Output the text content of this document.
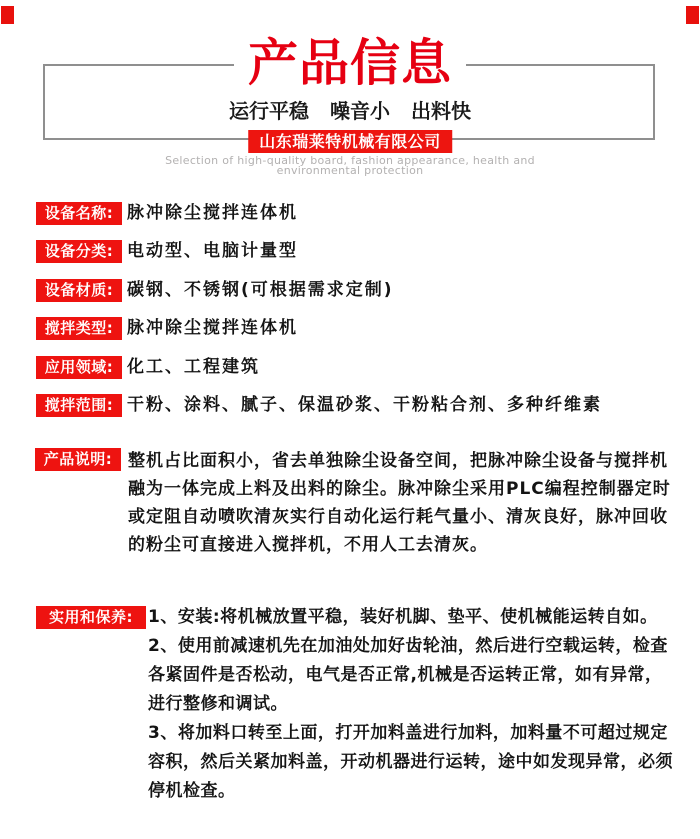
产品信息
运行平稳 噪音小 出料快
山东瑞莱特机械有限公司
Selection of high-quality board, fashion appearance, health and
environmental protection
设备名称: 脉冲除尘搅拌连体机
设备分类: 电动型、电脑计量型
设备材质: 碳钢、不锈钢(可根据需求定制)
搅拌类型: 脉冲除尘搅拌连体机
应用领域: 化工、工程建筑
搅拌范围: 干粉、涂料、腻子、保温砂浆、干粉粘合剂、多种纤维素
产品说明: 整机占比面积小，省去单独除尘设备空间，把脉冲除尘设备与搅拌机
融为一体完成上料及出料的除尘。脉冲除尘采用PLC编程控制器定时
或定阻自动喷吹清灰实行自动化运行耗气量小、清灰良好，脉冲回收
的粉尘可直接进入搅拌机，不用人工去清灰。
实用和保养: 1、安装:将机械放置平稳，装好机脚、垫平、使机械能运转自如。
2、使用前减速机先在加油处加好齿轮油，然后进行空载运转，检查
各紧固件是否松动，电气是否正常,机械是否运转正常，如有异常，
进行整修和调试。
3、将加料口转至上面，打开加料盖进行加料，加料量不可超过规定
容积，然后关紧加料盖，开动机器进行运转，途中如发现异常，必须
停机检查。
